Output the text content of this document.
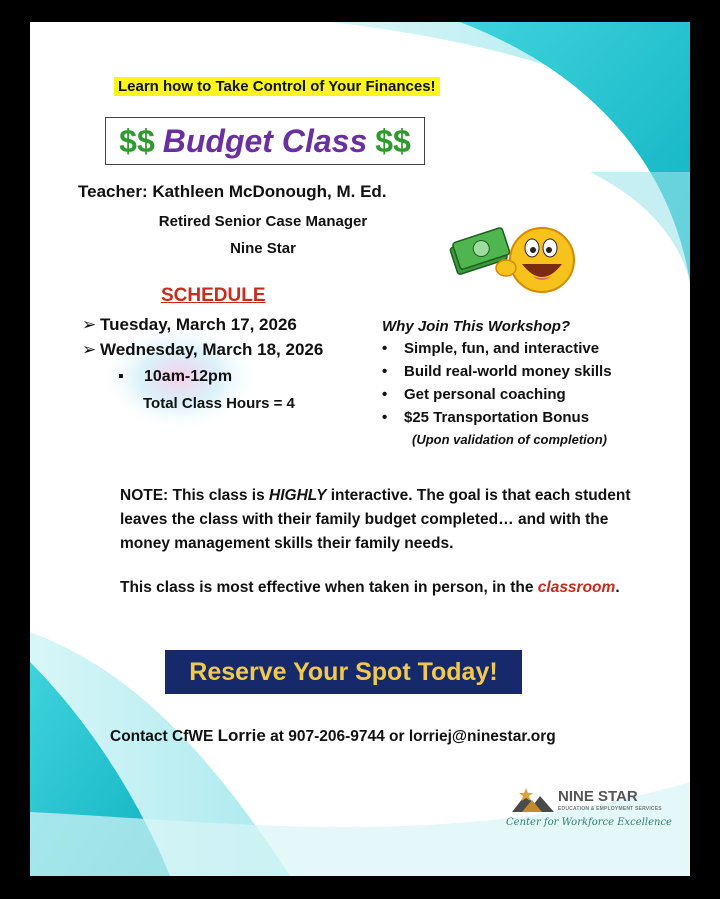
Learn how to Take Control of Your Finances!
$$ Budget Class $$
Teacher: Kathleen McDonough, M. Ed.
Retired Senior Case Manager
Nine Star
SCHEDULE
➢ Tuesday, March 17, 2026
➢ Wednesday, March 18, 2026
▪ 10am-12pm
Total Class Hours = 4
Why Join This Workshop?
• Simple, fun, and interactive
• Build real-world money skills
• Get personal coaching
• $25 Transportation Bonus
(Upon validation of completion)

NOTE: This class is HIGHLY interactive. The goal is that each student leaves the class with their family budget completed… and with the money management skills their family needs.

This class is most effective when taken in person, in the classroom.

Reserve Your Spot Today!
Contact CfWE Lorrie at 907-206-9744 or lorriej@ninestar.org
NINE STAR
EDUCATION & EMPLOYMENT SERVICES
Center for Workforce Excellence
